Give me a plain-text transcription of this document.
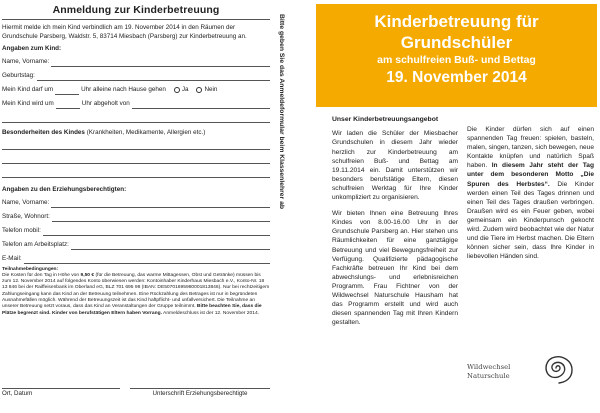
Anmeldung zur Kinderbetreuung
Hiermit melde ich mein Kind verbindlich am 19. November 2014 in den Räumen der Grundschule Parsberg, Waldstr. 5, 83714 Miesbach (Parsberg) zur Kinderbetreuung an.
Angaben zum Kind:
Name, Vorname:
Geburtstag:
Mein Kind darf um	Uhr alleine nach Hause gehen	Ja	Nein
Mein Kind wird um	Uhr abgeholt von
Besonderheiten des Kindes (Krankheiten, Medikamente, Allergien etc.)
Angaben zu den Erziehungsberechtigten:
Name, Vorname:
Straße, Wohnort:
Telefon mobil:
Telefon am Arbeitsplatz:
E-Mail:
Teilnahmebedingungen:
Die Kosten für den Tag in Höhe von 9,50 € (für die Betreuung, das warme Mittagessen, Obst und Getränke) müssen bis zum 12. November 2014 auf folgendes Konto überwiesen werden: Kontoinhaber Kinderhaus Miesbach e.V., Konto-Nr. 18 13 846 bei der Raiffeisenbank im Oberland eG, BLZ 701 695 98 (IBAN: DE50701695980001813846). Nur bei rechtzeitigem Zahlungseingang kann das Kind an der Betreuung teilnehmen. Eine Rückzahlung des Betrages ist nur in begründeten Ausnahmefällen möglich. Während der Betreuungszeit ist das Kind haftpflicht- und unfallversichert. Die Teilnahme an unserer Betreuung setzt voraus, dass das Kind an Veranstaltungen der Gruppe teilnimmt. Bitte beachten Sie, dass die Plätze begrenzt sind. Kinder von berufstätigen Eltern haben Vorrang. Anmeldeschluss ist der 12. November 2014.
Ort, Datum	Unterschrift Erziehungsberechtigte
Bitte geben Sie das Anmeldeformular beim Klassenlehrer ab	Kinderbetreuung für
Grundschüler
am schulfreien Buß- und Bettag
19. November 2014
Unser Kinderbetreuungsangebot

Wir laden die Schüler der Miesbacher Grundschulen in diesem Jahr wieder herzlich zur Kinderbetreuung am schulfreien Buß- und Bettag am 19.11.2014 ein. Damit unterstützen wir besonders berufstätige Eltern, diesen schulfreien Werktag für Ihre Kinder unkompliziert zu organisieren.

Wir bieten Ihnen eine Betreuung Ihres Kindes von 8.00-16.00 Uhr in der Grundschule Parsberg an. Hier stehen uns Räumlichkeiten für eine ganztägige Betreuung und viel Bewegungsfreiheit zur Verfügung. Qualifizierte pädagogische Fachkräfte betreuen Ihr Kind bei dem abwechslungs- und erlebnisreichen Programm. Frau Fichtner von der Wildwechsel Naturschule Hausham hat das Programm erstellt und wird auch diesen spannenden Tag mit Ihren Kindern gestalten.

Die Kinder dürfen sich auf einen spannenden Tag freuen: spielen, basteln, malen, singen, tanzen, sich bewegen, neue Kontakte knüpfen und natürlich Spaß haben. In diesem Jahr steht der Tag unter dem besonderen Motto „Die Spuren des Herbstes“. Die Kinder werden einen Teil des Tages drinnen und einen Teil des Tages draußen verbringen. Draußen wird es ein Feuer geben, wobei gemeinsam ein Kinderpunsch gekocht wird. Zudem wird beobachtet wie der Natur und die Tiere im Herbst machen. Die Eltern können sicher sein, dass Ihre Kinder in liebevollen Händen sind.

Wildwechsel
Naturschule
